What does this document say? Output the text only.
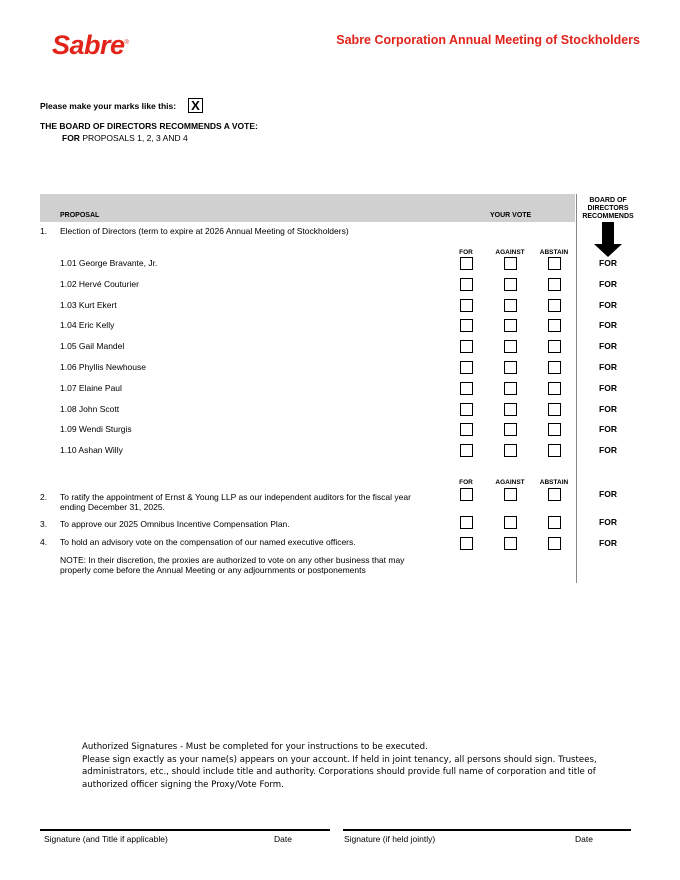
Sabre®	Sabre Corporation Annual Meeting of Stockholders
Please make your marks like this: X
THE BOARD OF DIRECTORS RECOMMENDS A VOTE:
FOR PROPOSALS 1, 2, 3 AND 4
PROPOSAL	YOUR VOTE
BOARD OF
DIRECTORS
RECOMMENDS
1. Election of Directors (term to expire at 2026 Annual Meeting of Stockholders)
FOR	AGAINST	ABSTAIN
1.01 George Bravante, Jr.	FOR
1.02 Hervé Couturier	FOR
1.03 Kurt Ekert	FOR
1.04 Eric Kelly	FOR
1.05 Gail Mandel	FOR
1.06 Phyllis Newhouse	FOR
1.07 Elaine Paul	FOR
1.08 John Scott	FOR
1.09 Wendi Sturgis	FOR
1.10 Ashan Willy	FOR
FOR	AGAINST	ABSTAIN
2. To ratify the appointment of Ernst & Young LLP as our independent auditors for the fiscal year
ending December 31, 2025.
FOR
3. To approve our 2025 Omnibus Incentive Compensation Plan.	FOR
4. To hold an advisory vote on the compensation of our named executive officers.	FOR
NOTE: In their discretion, the proxies are authorized to vote on any other business that may
properly come before the Annual Meeting or any adjournments or postponements
Authorized Signatures - Must be completed for your instructions to be executed.
Please sign exactly as your name(s) appears on your account. If held in joint tenancy, all persons should sign. Trustees, administrators, etc., should include title and authority. Corporations should provide full name of corporation and title of authorized officer signing the Proxy/Vote Form.
Signature (and Title if applicable)	Date	Signature (if held jointly)	Date
